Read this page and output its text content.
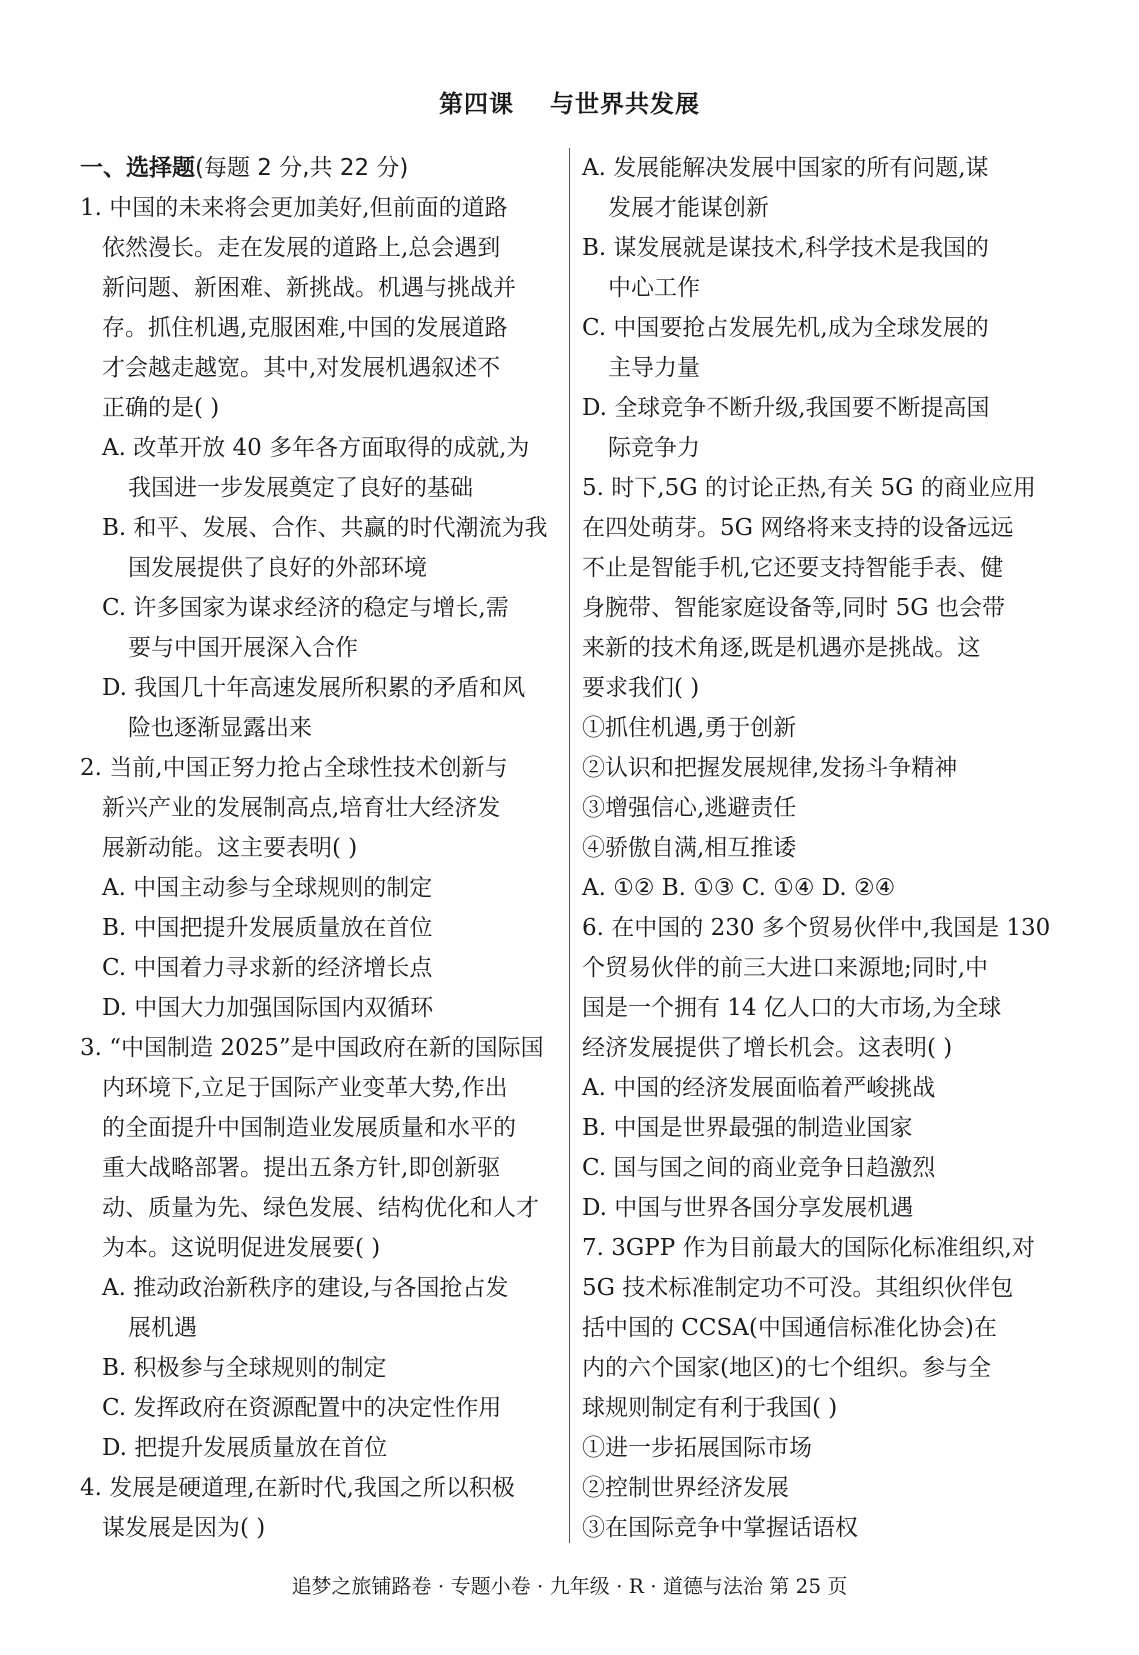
第四课 与世界共发展
一、选择题(每题 2 分,共 22 分)
1. 中国的未来将会更加美好,但前面的道路
依然漫长。走在发展的道路上,总会遇到
新问题、新困难、新挑战。机遇与挑战并
存。抓住机遇,克服困难,中国的发展道路
才会越走越宽。其中,对发展机遇叙述不
正确的是( )
A. 改革开放 40 多年各方面取得的成就,为
我国进一步发展奠定了良好的基础
B. 和平、发展、合作、共赢的时代潮流为我
国发展提供了良好的外部环境
C. 许多国家为谋求经济的稳定与增长,需
要与中国开展深入合作
D. 我国几十年高速发展所积累的矛盾和风
险也逐渐显露出来
2. 当前,中国正努力抢占全球性技术创新与
新兴产业的发展制高点,培育壮大经济发
展新动能。这主要表明( )
A. 中国主动参与全球规则的制定
B. 中国把提升发展质量放在首位
C. 中国着力寻求新的经济增长点
D. 中国大力加强国际国内双循环
3. “中国制造 2025”是中国政府在新的国际国
内环境下,立足于国际产业变革大势,作出
的全面提升中国制造业发展质量和水平的
重大战略部署。提出五条方针,即创新驱
动、质量为先、绿色发展、结构优化和人才
为本。这说明促进发展要( )
A. 推动政治新秩序的建设,与各国抢占发
展机遇
B. 积极参与全球规则的制定
C. 发挥政府在资源配置中的决定性作用
D. 把提升发展质量放在首位
4. 发展是硬道理,在新时代,我国之所以积极
谋发展是因为( )
A. 发展能解决发展中国家的所有问题,谋
发展才能谋创新
B. 谋发展就是谋技术,科学技术是我国的
中心工作
C. 中国要抢占发展先机,成为全球发展的
主导力量
D. 全球竞争不断升级,我国要不断提高国
际竞争力
5. 时下,5G 的讨论正热,有关 5G 的商业应用
在四处萌芽。5G 网络将来支持的设备远远
不止是智能手机,它还要支持智能手表、健
身腕带、智能家庭设备等,同时 5G 也会带
来新的技术角逐,既是机遇亦是挑战。这
要求我们( )
①抓住机遇,勇于创新
②认识和把握发展规律,发扬斗争精神
③增强信心,逃避责任
④骄傲自满,相互推诿
A. ①② B. ①③ C. ①④ D. ②④
6. 在中国的 230 多个贸易伙伴中,我国是 130
个贸易伙伴的前三大进口来源地;同时,中
国是一个拥有 14 亿人口的大市场,为全球
经济发展提供了增长机会。这表明( )
A. 中国的经济发展面临着严峻挑战
B. 中国是世界最强的制造业国家
C. 国与国之间的商业竞争日趋激烈
D. 中国与世界各国分享发展机遇
7. 3GPP 作为目前最大的国际化标准组织,对
5G 技术标准制定功不可没。其组织伙伴包
括中国的 CCSA(中国通信标准化协会)在
内的六个国家(地区)的七个组织。参与全
球规则制定有利于我国( )
①进一步拓展国际市场
②控制世界经济发展
③在国际竞争中掌握话语权
追梦之旅铺路卷 · 专题小卷 · 九年级 · R · 道德与法治 第 25 页
